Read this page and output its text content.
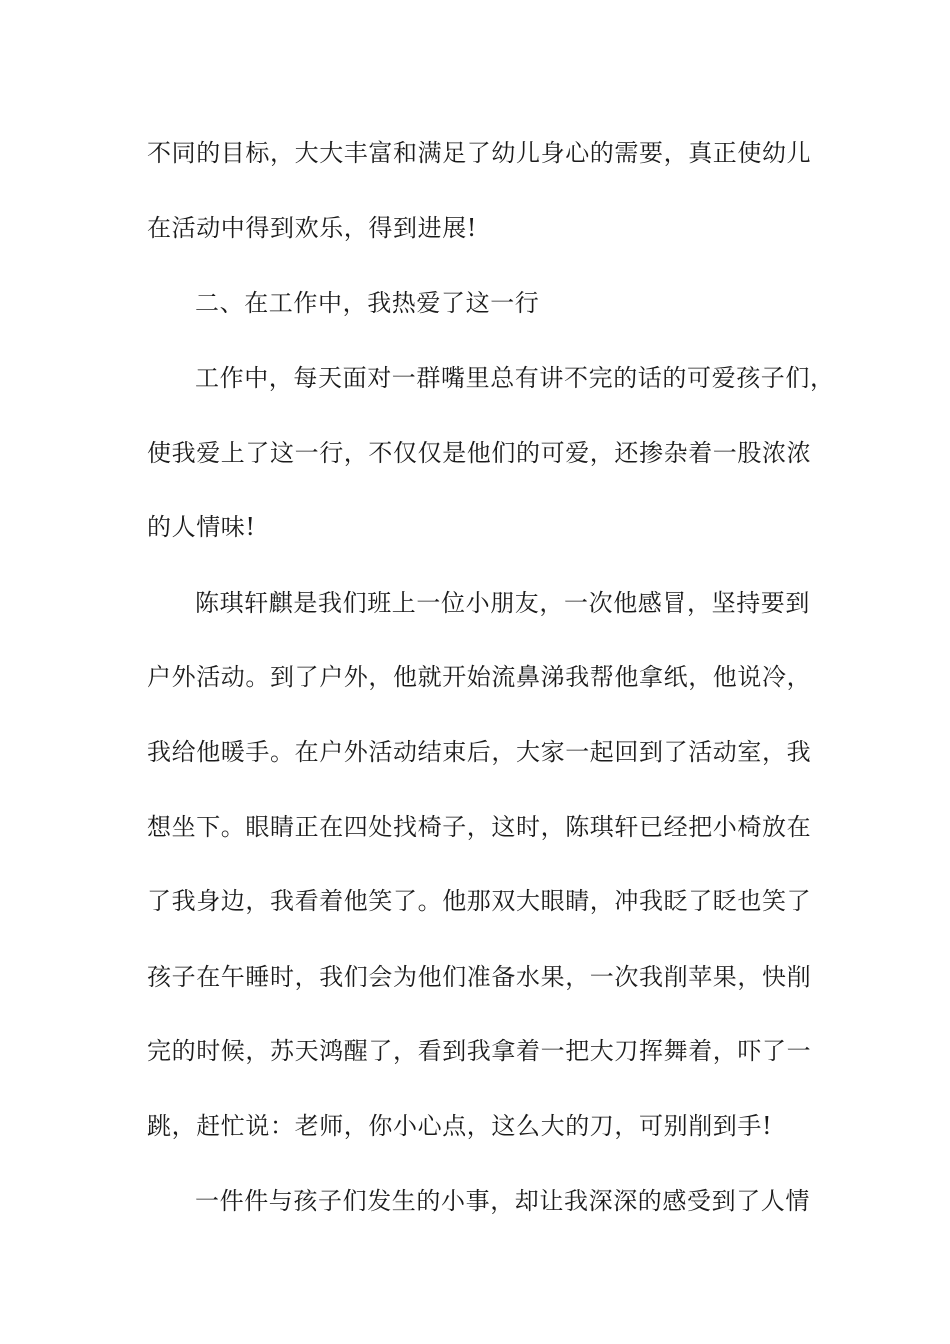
不同的目标，大大丰富和满足了幼儿身心的需要，真正使幼儿
在活动中得到欢乐，得到进展!
二、在工作中，我热爱了这一行
工作中，每天面对一群嘴里总有讲不完的话的可爱孩子们，
使我爱上了这一行，不仅仅是他们的可爱，还掺杂着一股浓浓
的人情味!
陈琪轩麒是我们班上一位小朋友，一次他感冒，坚持要到
户外活动。到了户外，他就开始流鼻涕我帮他拿纸，他说冷，
我给他暖手。在户外活动结束后，大家一起回到了活动室，我
想坐下。眼睛正在四处找椅子，这时，陈琪轩已经把小椅放在
了我身边，我看着他笑了。他那双大眼睛，冲我眨了眨也笑了
孩子在午睡时，我们会为他们准备水果，一次我削苹果，快削
完的时候，苏天鸿醒了，看到我拿着一把大刀挥舞着，吓了一
跳，赶忙说：老师，你小心点，这么大的刀，可别削到手!
一件件与孩子们发生的小事，却让我深深的感受到了人情
